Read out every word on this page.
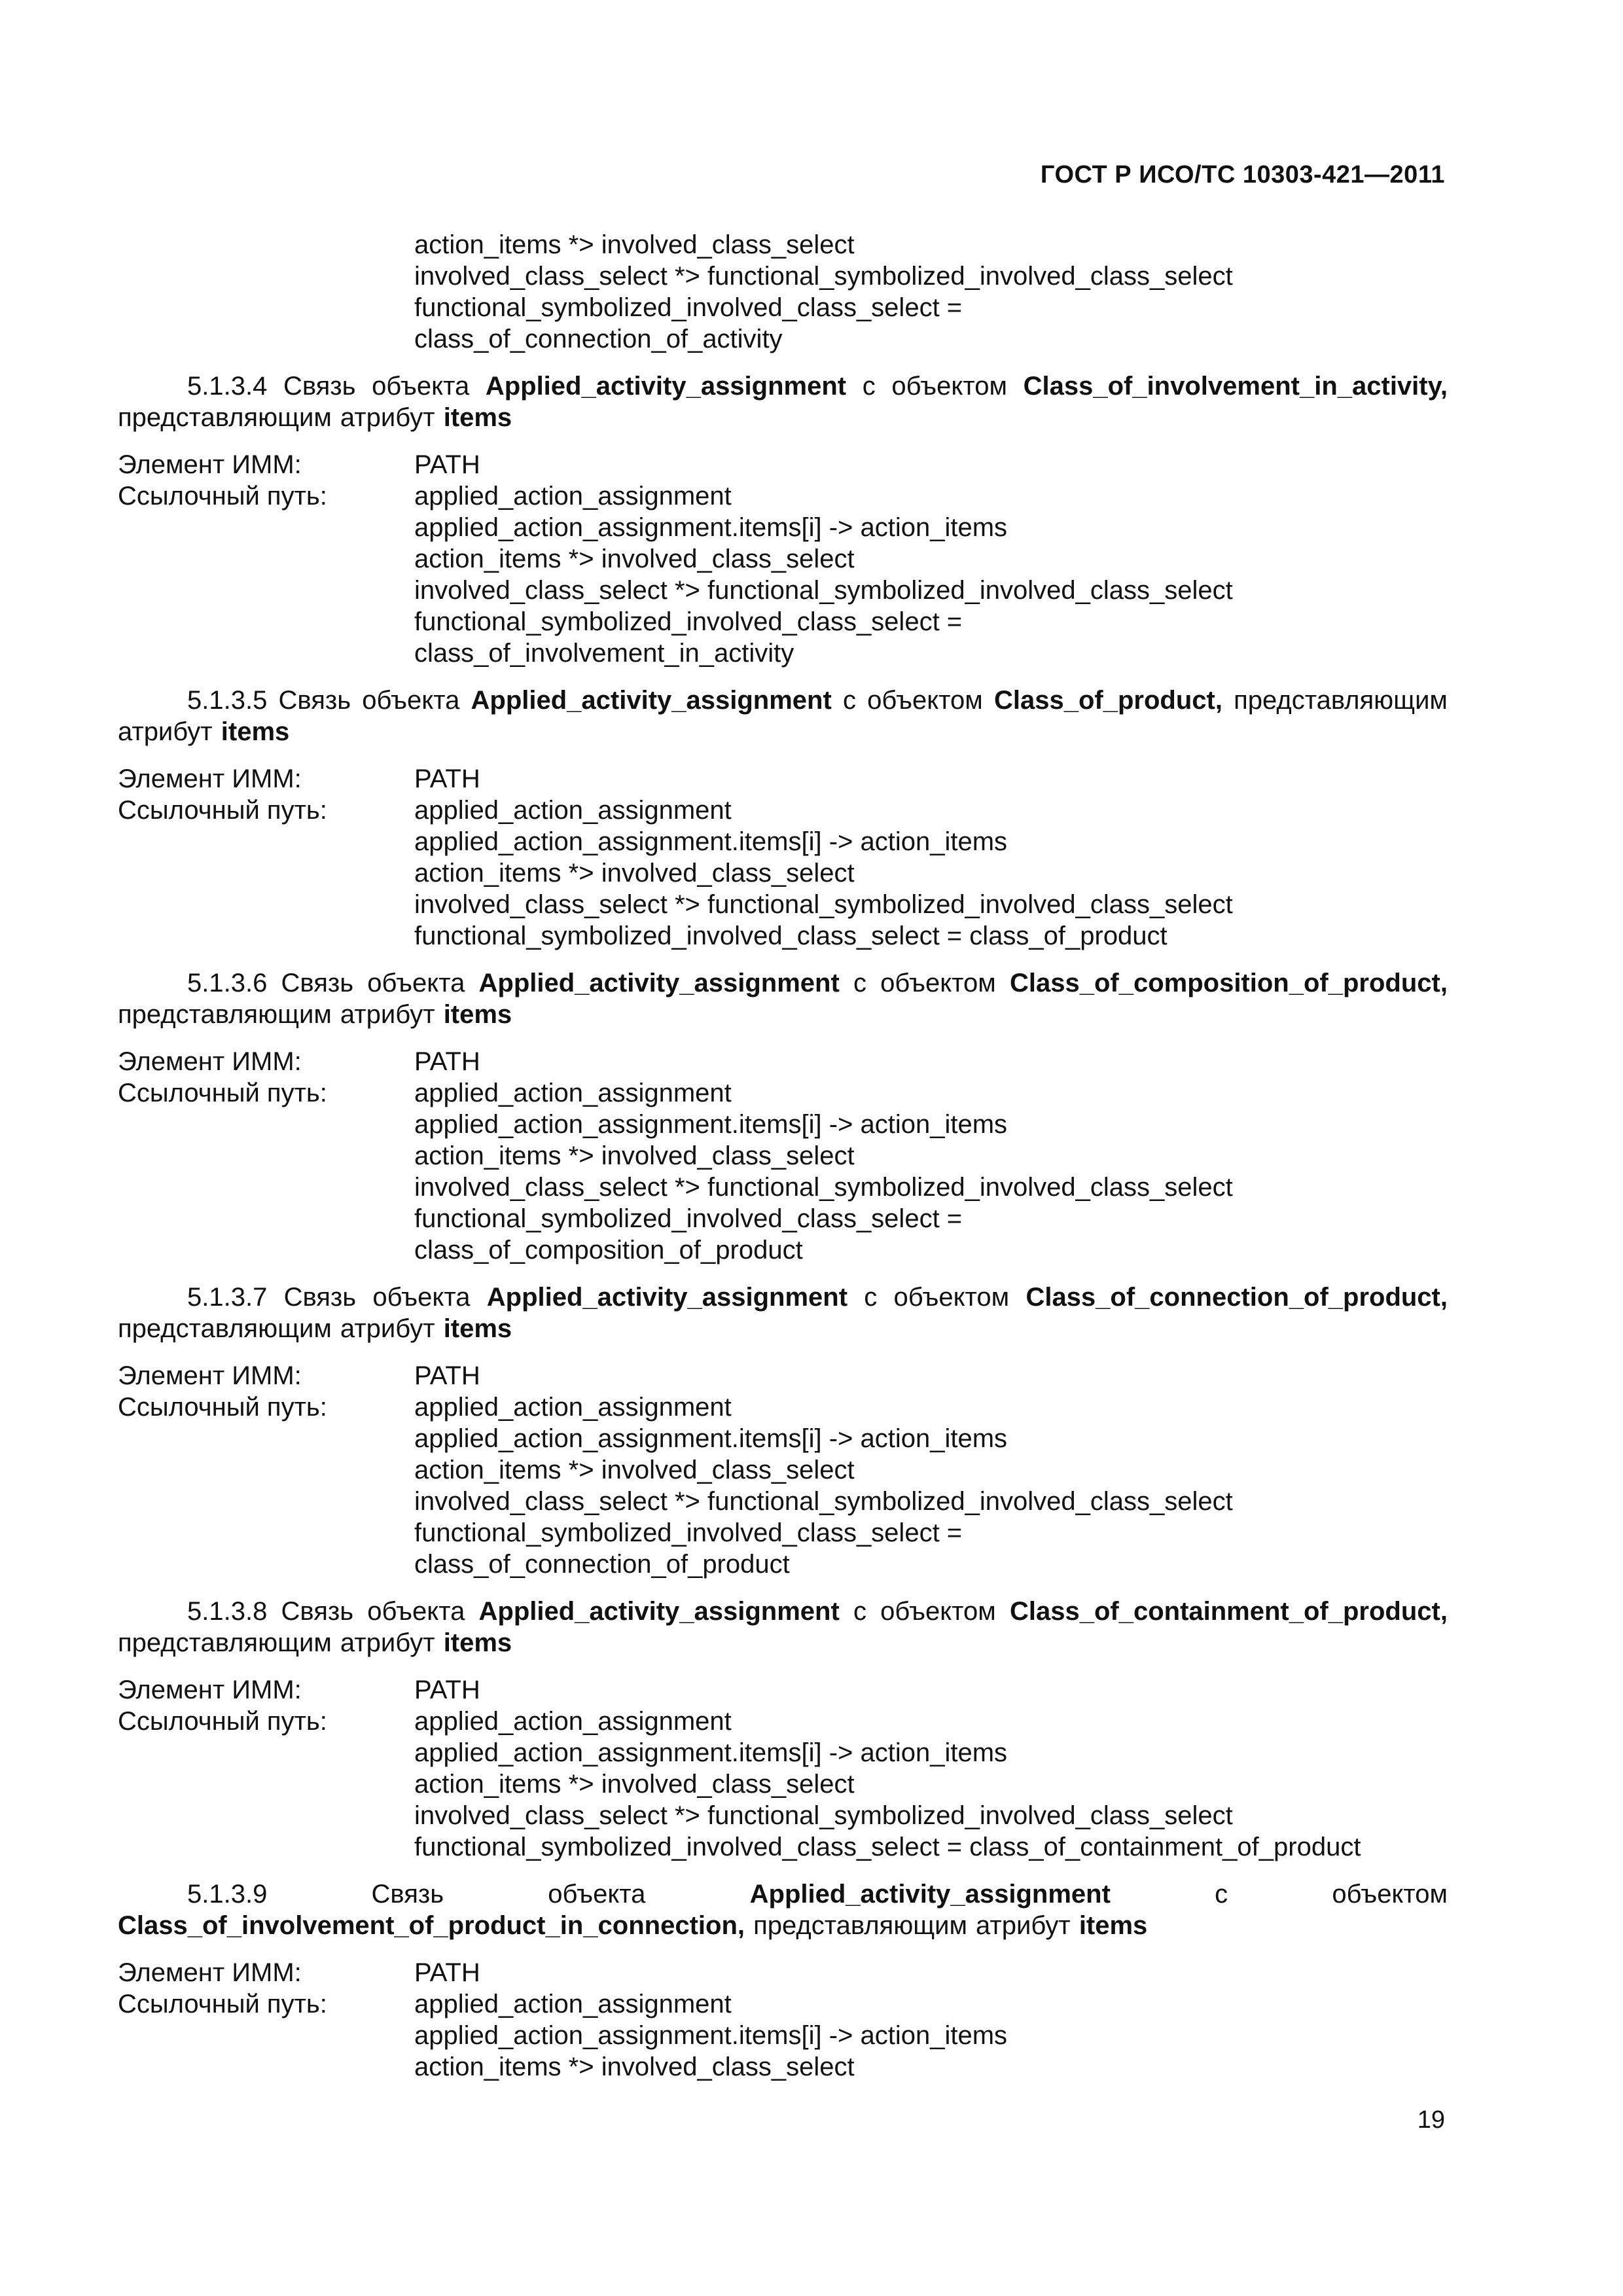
ГОСТ Р ИСО/ТС 10303-421—2011
action_items *> involved_class_select
involved_class_select *> functional_symbolized_involved_class_select
functional_symbolized_involved_class_select =
class_of_connection_of_activity
5.1.3.4 Связь объекта Applied_activity_assignment с объектом Class_of_involvement_in_activity, представляющим атрибут items
Элемент ИММ:	PATH
Ссылочный путь:	applied_action_assignment
applied_action_assignment.items[i] -> action_items
action_items *> involved_class_select
involved_class_select *> functional_symbolized_involved_class_select
functional_symbolized_involved_class_select =
class_of_involvement_in_activity
5.1.3.5 Связь объекта Applied_activity_assignment с объектом Class_of_product, представляющим атрибут items
Элемент ИММ:	PATH
Ссылочный путь:	applied_action_assignment
applied_action_assignment.items[i] -> action_items
action_items *> involved_class_select
involved_class_select *> functional_symbolized_involved_class_select
functional_symbolized_involved_class_select = class_of_product
5.1.3.6 Связь объекта Applied_activity_assignment с объектом Class_of_composition_of_product, представляющим атрибут items
Элемент ИММ:	PATH
Ссылочный путь:	applied_action_assignment
applied_action_assignment.items[i] -> action_items
action_items *> involved_class_select
involved_class_select *> functional_symbolized_involved_class_select
functional_symbolized_involved_class_select =
class_of_composition_of_product
5.1.3.7 Связь объекта Applied_activity_assignment с объектом Class_of_connection_of_product, представляющим атрибут items
Элемент ИММ:	PATH
Ссылочный путь:	applied_action_assignment
applied_action_assignment.items[i] -> action_items
action_items *> involved_class_select
involved_class_select *> functional_symbolized_involved_class_select
functional_symbolized_involved_class_select =
class_of_connection_of_product
5.1.3.8 Связь объекта Applied_activity_assignment с объектом Class_of_containment_of_product, представляющим атрибут items
Элемент ИММ:	PATH
Ссылочный путь:	applied_action_assignment
applied_action_assignment.items[i] -> action_items
action_items *> involved_class_select
involved_class_select *> functional_symbolized_involved_class_select
functional_symbolized_involved_class_select = class_of_containment_of_product
5.1.3.9	Связь объекта	Applied_activity_assignment	с объектом Class_of_involvement_of_product_in_connection, представляющим атрибут items
Элемент ИММ:	PATH
Ссылочный путь:	applied_action_assignment
applied_action_assignment.items[i] -> action_items
action_items *> involved_class_select
19
